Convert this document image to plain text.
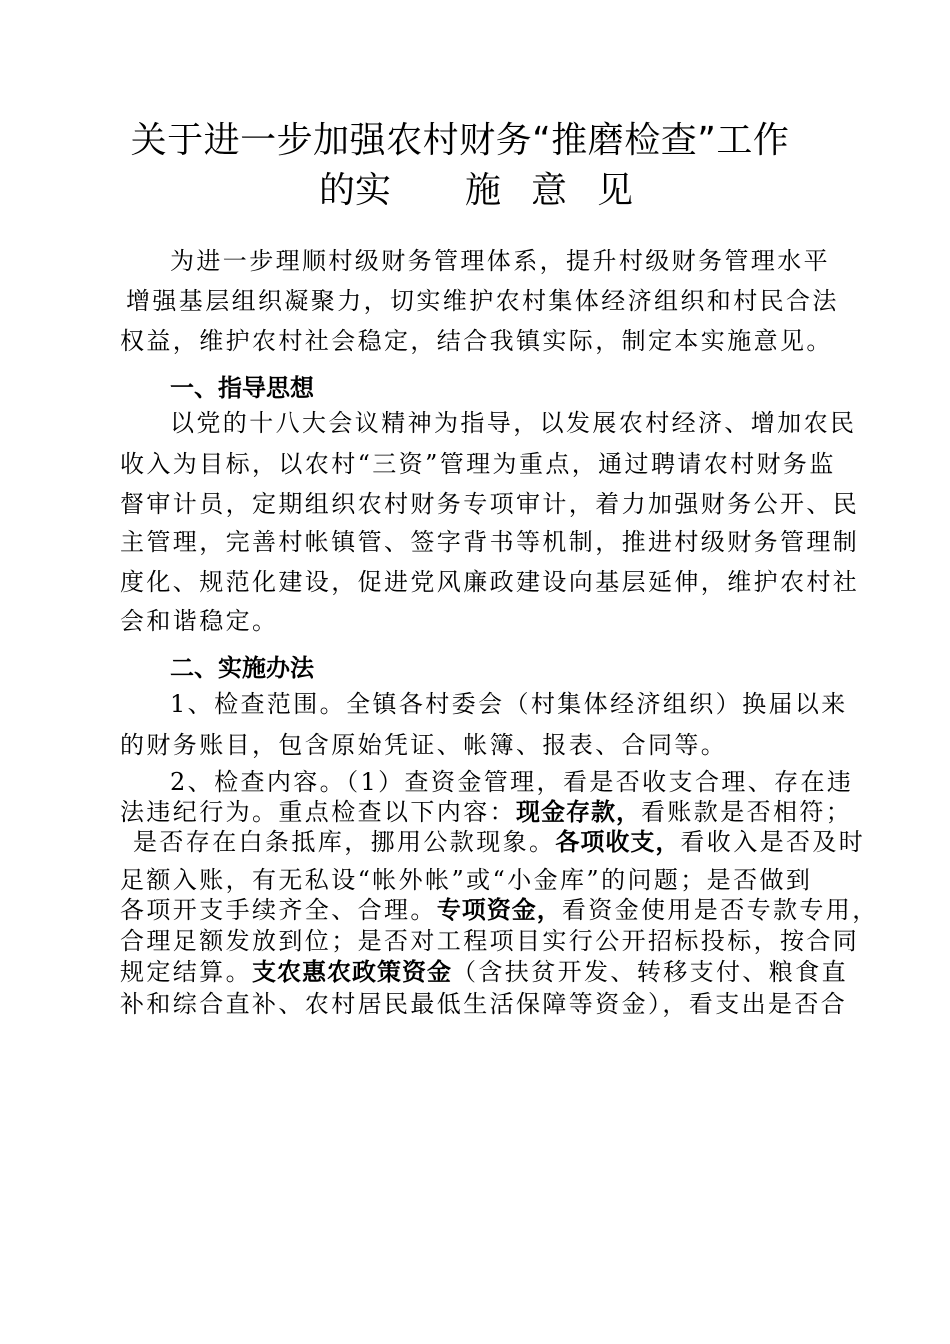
关于进一步加强农村财务“推磨检查”工作
的实 施 意 见
为进一步理顺村级财务管理体系，提升村级财务管理水平
增强基层组织凝聚力，切实维护农村集体经济组织和村民合法
权益，维护农村社会稳定，结合我镇实际，制定本实施意见。
一、指导思想
以党的十八大会议精神为指导，以发展农村经济、增加农民
收入为目标，以农村“三资”管理为重点，通过聘请农村财务监
督审计员，定期组织农村财务专项审计，着力加强财务公开、民
主管理，完善村帐镇管、签字背书等机制，推进村级财务管理制
度化、规范化建设，促进党风廉政建设向基层延伸，维护农村社
会和谐稳定。
二、实施办法
1、检查范围。全镇各村委会（村集体经济组织）换届以来
的财务账目，包含原始凭证、帐簿、报表、合同等。
2、检查内容。（1）查资金管理，看是否收支合理、存在违
法违纪行为。重点检查以下内容：现金存款，看账款是否相符；
是否存在白条抵库，挪用公款现象。各项收支，看收入是否及时
足额入账，有无私设“帐外帐”或“小金库”的问题；是否做到
各项开支手续齐全、合理。专项资金，看资金使用是否专款专用，
合理足额发放到位；是否对工程项目实行公开招标投标，按合同
规定结算。支农惠农政策资金（含扶贫开发、转移支付、粮食直
补和综合直补、农村居民最低生活保障等资金），看支出是否合
